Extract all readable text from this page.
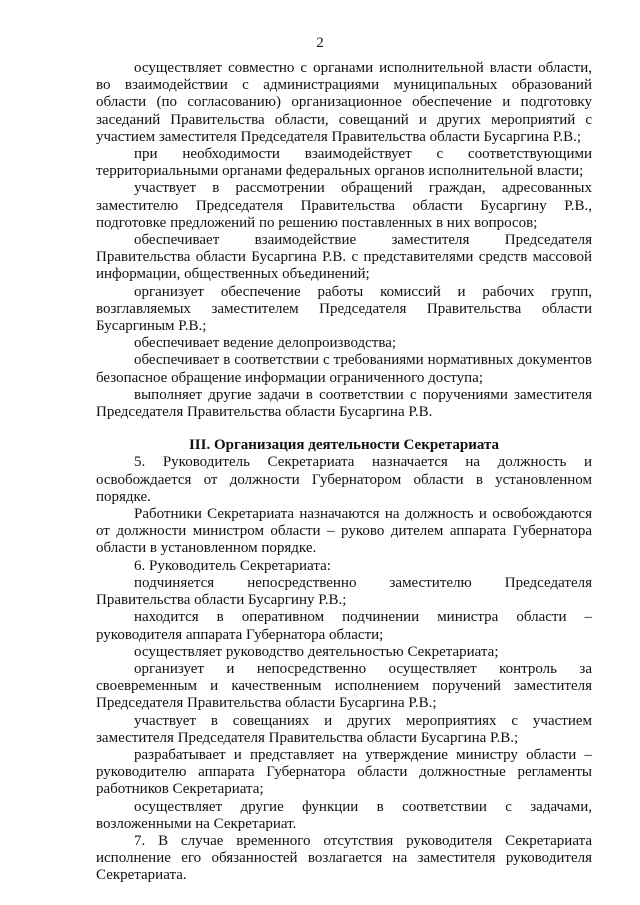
2

осуществляет совместно с органами исполнительной власти области, во взаимодействии с администрациями муниципальных образований области (по согласованию) организационное обеспечение и подготовку заседаний Правительства области, совещаний и других мероприятий с участием заместителя Председателя Правительства области Бусаргина Р.В.;

при необходимости взаимодействует с соответствующими территориальными органами федеральных органов исполнительной власти;

участвует в рассмотрении обращений граждан, адресованных заместителю Председателя Правительства области Бусаргину Р.В., подготовке предложений по решению поставленных в них вопросов;

обеспечивает взаимодействие заместителя Председателя Правительства области Бусаргина Р.В. с представителями средств массовой информации, общественных объединений;

организует обеспечение работы комиссий и рабочих групп, возглавляемых заместителем Председателя Правительства области Бусаргиным Р.В.;

обеспечивает ведение делопроизводства;

обеспечивает в соответствии с требованиями нормативных документов безопасное обращение информации ограниченного доступа;

выполняет другие задачи в соответствии с поручениями заместителя Председателя Правительства области Бусаргина Р.В.

III. Организация деятельности Секретариата

5. Руководитель Секретариата назначается на должность и освобождается от должности Губернатором области в установленном порядке.

Работники Секретариата назначаются на должность и освобождаются от должности министром области – руково дителем аппарата Губернатора области в установленном порядке.

6. Руководитель Секретариата:

подчиняется непосредственно заместителю Председателя Правительства области Бусаргину Р.В.;

находится в оперативном подчинении министра области – руководителя аппарата Губернатора области;

осуществляет руководство деятельностью Секретариата;

организует и непосредственно осуществляет контроль за своевременным и качественным исполнением поручений заместителя Председателя Правительства области Бусаргина Р.В.;

участвует в совещаниях и других мероприятиях с участием заместителя Председателя Правительства области Бусаргина Р.В.;

разрабатывает и представляет на утверждение министру области – руководителю аппарата Губернатора области должностные регламенты работников Секретариата;

осуществляет другие функции в соответствии с задачами, возложенными на Секретариат.

7. В случае временного отсутствия руководителя Секретариата исполнение его обязанностей возлагается на заместителя руководителя Секретариата.
